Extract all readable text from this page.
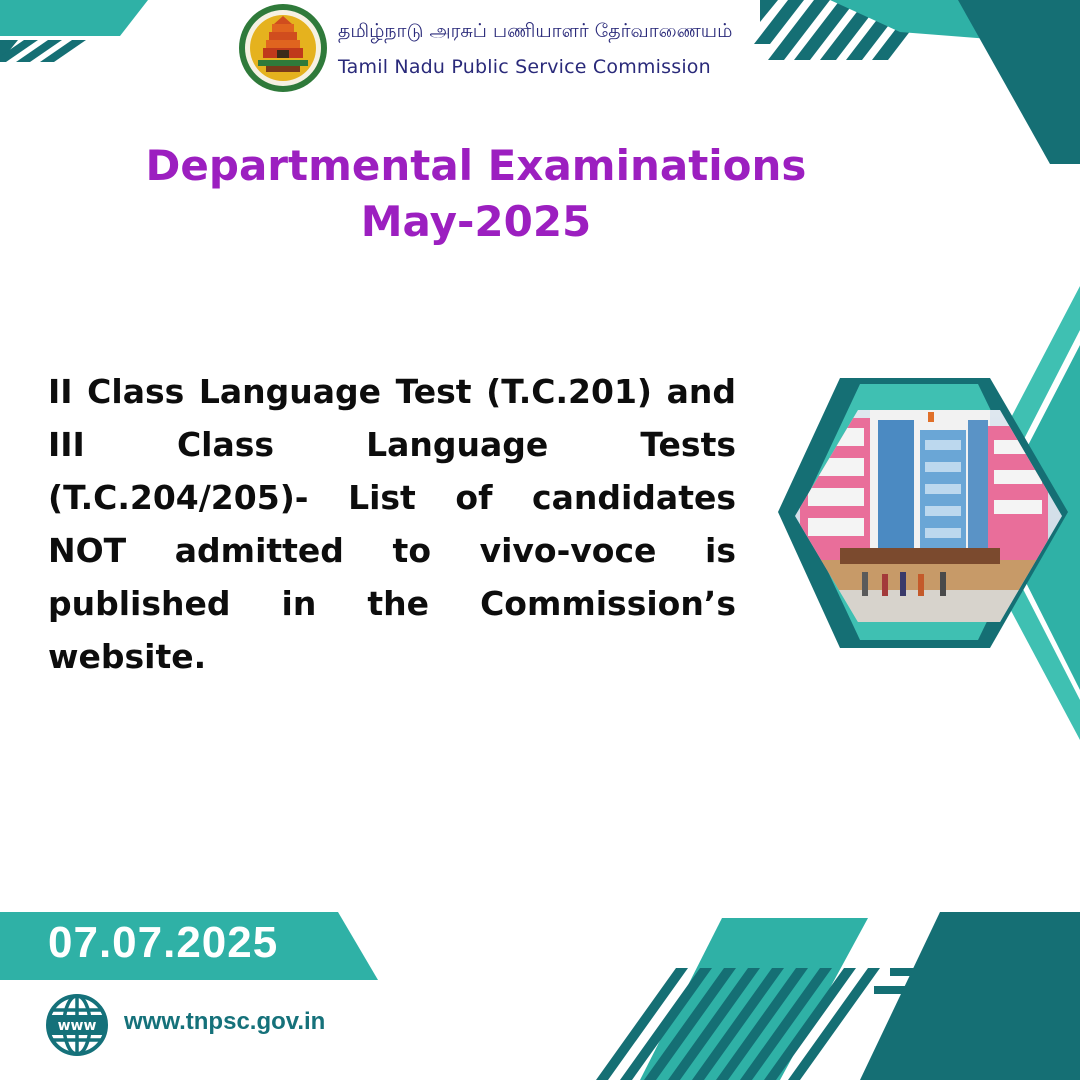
தமிழ்நாடு அரசுப் பணியாளர் தேர்வாணையம்
Tamil Nadu Public Service Commission
Departmental Examinations
May-2025
II Class Language Test (T.C.201) and III Class Language Tests (T.C.204/205)- List of candidates NOT admitted to vivo-voce is published in the Commission’s website.
07.07.2025
www www.tnpsc.gov.in
